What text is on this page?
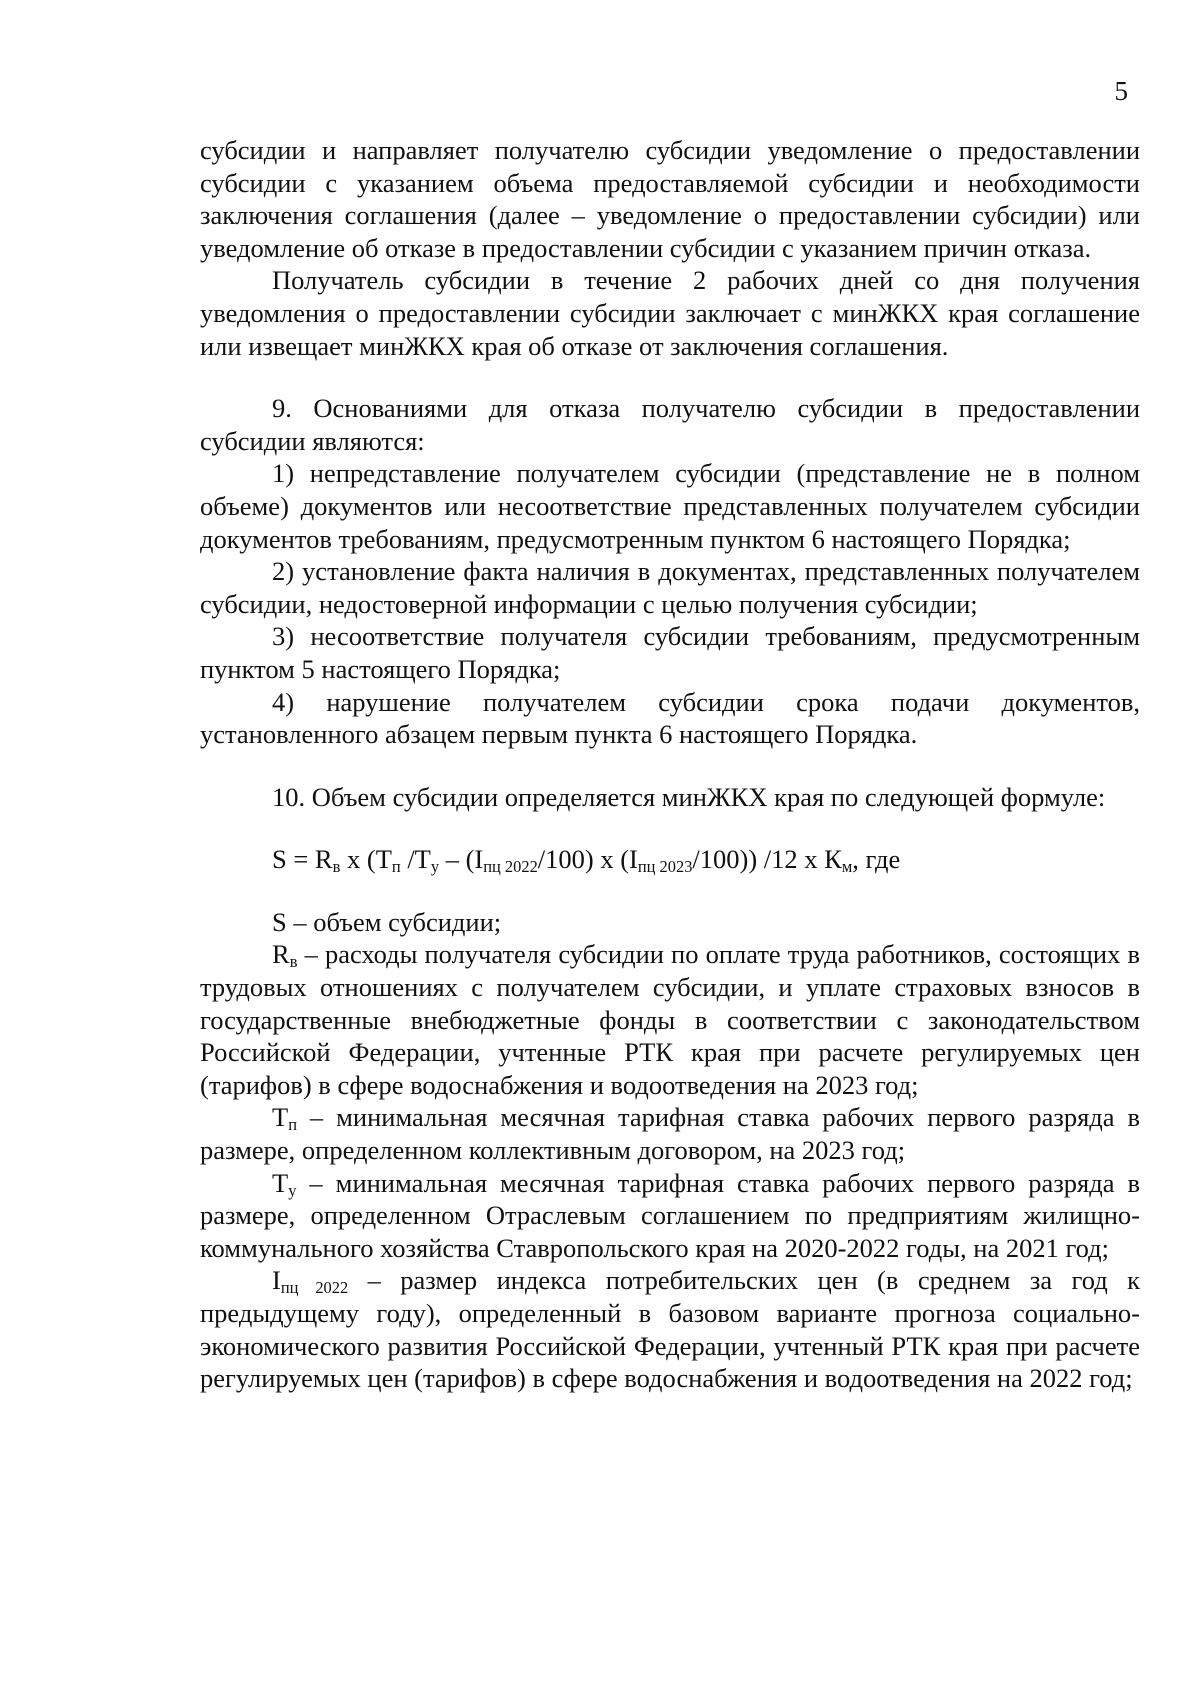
5

субсидии и направляет получателю субсидии уведомление о предоставлении субсидии с указанием объема предоставляемой субсидии и необходимости заключения соглашения (далее – уведомление о предоставлении субсидии) или уведомление об отказе в предоставлении субсидии с указанием причин отказа.

Получатель субсидии в течение 2 рабочих дней со дня получения уведомления о предоставлении субсидии заключает с минЖКХ края соглашение или извещает минЖКХ края об отказе от заключения соглашения.

9. Основаниями для отказа получателю субсидии в предоставлении субсидии являются:

1) непредставление получателем субсидии (представление не в полном объеме) документов или несоответствие представленных получателем субсидии документов требованиям, предусмотренным пунктом 6 настоящего Порядка;

2) установление факта наличия в документах, представленных получателем субсидии, недостоверной информации с целью получения субсидии;

3) несоответствие получателя субсидии требованиям, предусмотренным пунктом 5 настоящего Порядка;

4) нарушение получателем субсидии срока подачи документов, установленного абзацем первым пункта 6 настоящего Порядка.

10. Объем субсидии определяется минЖКХ края по следующей формуле:

$S = R_в$ x ($T_п$ $/T_у - (I_{пц 2022}/100)$ x $(I_{пц 2023}/100)$) /12 x $К_м$, где

S – объем субсидии;

$R_в$ – расходы получателя субсидии по оплате труда работников, состоящих в трудовых отношениях с получателем субсидии, и уплате страховых взносов в государственные внебюджетные фонды в соответствии с законодательством Российской Федерации, учтенные РТК края при расчете регулируемых цен (тарифов) в сфере водоснабжения и водоотведения на 2023 год;

$T_п$ – минимальная месячная тарифная ставка рабочих первого разряда в размере, определенном коллективным договором, на 2023 год;

$T_у$ – минимальная месячная тарифная ставка рабочих первого разряда в размере, определенном Отраслевым соглашением по предприятиям жилищно-коммунального хозяйства Ставропольского края на 2020-2022 годы, на 2021 год;

$I_{пц 2022}$ – размер индекса потребительских цен (в среднем за год к предыдущему году), определенный в базовом варианте прогноза социально-экономического развития Российской Федерации, учтенный РТК края при расчете регулируемых цен (тарифов) в сфере водоснабжения и водоотведения на 2022 год;
